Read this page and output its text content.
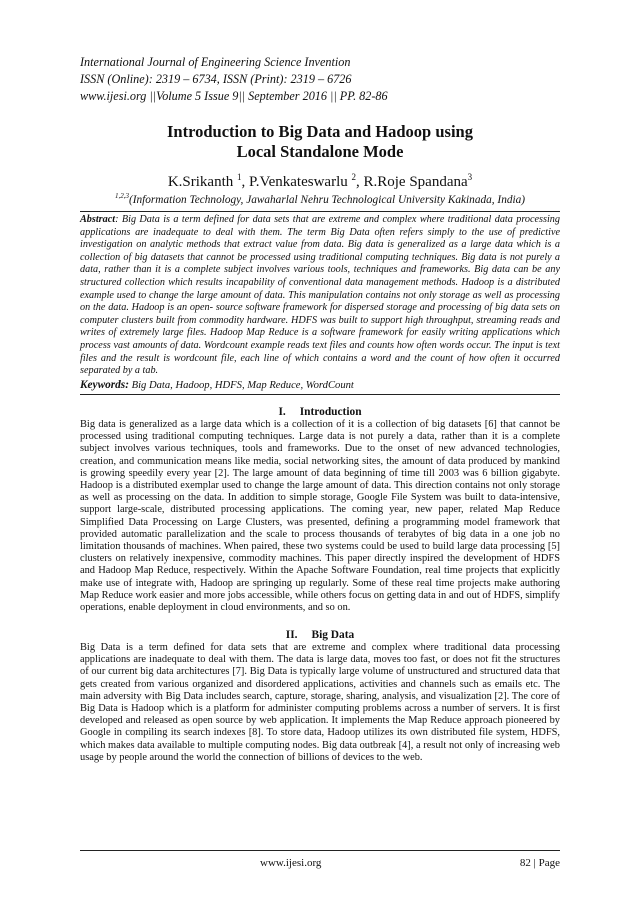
International Journal of Engineering Science Invention
ISSN (Online): 2319 – 6734, ISSN (Print): 2319 – 6726
www.ijesi.org ||Volume 5 Issue 9|| September 2016 || PP. 82-86
Introduction to Big Data and Hadoop using
Local Standalone Mode
K.Srikanth $^1$, P.Venkateswarlu $^2$, R.Roje Spandana$^3$
$^{1,2,3}$(Information Technology, Jawaharlal Nehru Technological University Kakinada, India)
Abstract: Big Data is a term defined for data sets that are extreme and complex where traditional data processing applications are inadequate to deal with them. The term Big Data often refers simply to the use of predictive investigation on analytic methods that extract value from data. Big data is generalized as a large data which is a collection of big datasets that cannot be processed using traditional computing techniques. Big data is not purely a data, rather than it is a complete subject involves various tools, techniques and frameworks. Big data can be any structured collection which results incapability of conventional data management methods. Hadoop is a distributed example used to change the large amount of data. This manipulation contains not only storage as well as processing on the data. Hadoop is an open- source software framework for dispersed storage and processing of big data sets on computer clusters built from commodity hardware. HDFS was built to support high throughput, streaming reads and writes of extremely large files. Hadoop Map Reduce is a software framework for easily writing applications which process vast amounts of data. Wordcount example reads text files and counts how often words occur. The input is text files and the result is wordcount file, each line of which contains a word and the count of how often it occurred separated by a tab.
Keywords: Big Data, Hadoop, HDFS, Map Reduce, WordCount
I. Introduction
Big data is generalized as a large data which is a collection of it is a collection of big datasets [6] that cannot be processed using traditional computing techniques. Large data is not purely a data, rather than it is a complete subject involves various techniques, tools and frameworks. Due to the onset of new advanced technologies, creation, and communication means like media, social networking sites, the amount of data produced by mankind is growing speedily every year [2]. The large amount of data beginning of time till 2003 was 6 billion gigabyte. Hadoop is a distributed exemplar used to change the large amount of data. This direction contains not only storage as well as processing on the data. In addition to simple storage, Google File System was built to data-intensive, support large-scale, distributed processing applications. The coming year, new paper, related Map Reduce Simplified Data Processing on Large Clusters, was presented, defining a programming model framework that provided automatic parallelization and the scale to process thousands of terabytes of big data in a one job no limitation thousands of machines. When paired, these two systems could be used to build large data processing [5] clusters on relatively inexpensive, commodity machines. This paper directly inspired the development of HDFS and Hadoop Map Reduce, respectively. Within the Apache Software Foundation, real time projects that explicitly make use of integrate with, Hadoop are springing up regularly. Some of these real time projects make authoring Map Reduce work easier and more jobs accessible, while others focus on getting data in and out of HDFS, simplify operations, enable deployment in cloud environments, and so on.
II. Big Data
Big Data is a term defined for data sets that are extreme and complex where traditional data processing applications are inadequate to deal with them. The data is large data, moves too fast, or does not fit the structures of our current big data architectures [7]. Big Data is typically large volume of unstructured and structured data that gets created from various organized and disordered applications, activities and channels such as emails etc. The main adversity with Big Data includes search, capture, storage, sharing, analysis, and visualization [2]. The core of Big Data is Hadoop which is a platform for administer computing problems across a number of servers. It is first developed and released as open source by web application. It implements the Map Reduce approach pioneered by Google in compiling its search indexes [8]. To store data, Hadoop utilizes its own distributed file system, HDFS, which makes data available to multiple computing nodes. Big data outbreak [4], a result not only of increasing web usage by people around the world the connection of billions of devices to the web.
www.ijesi.org	82 | Page
